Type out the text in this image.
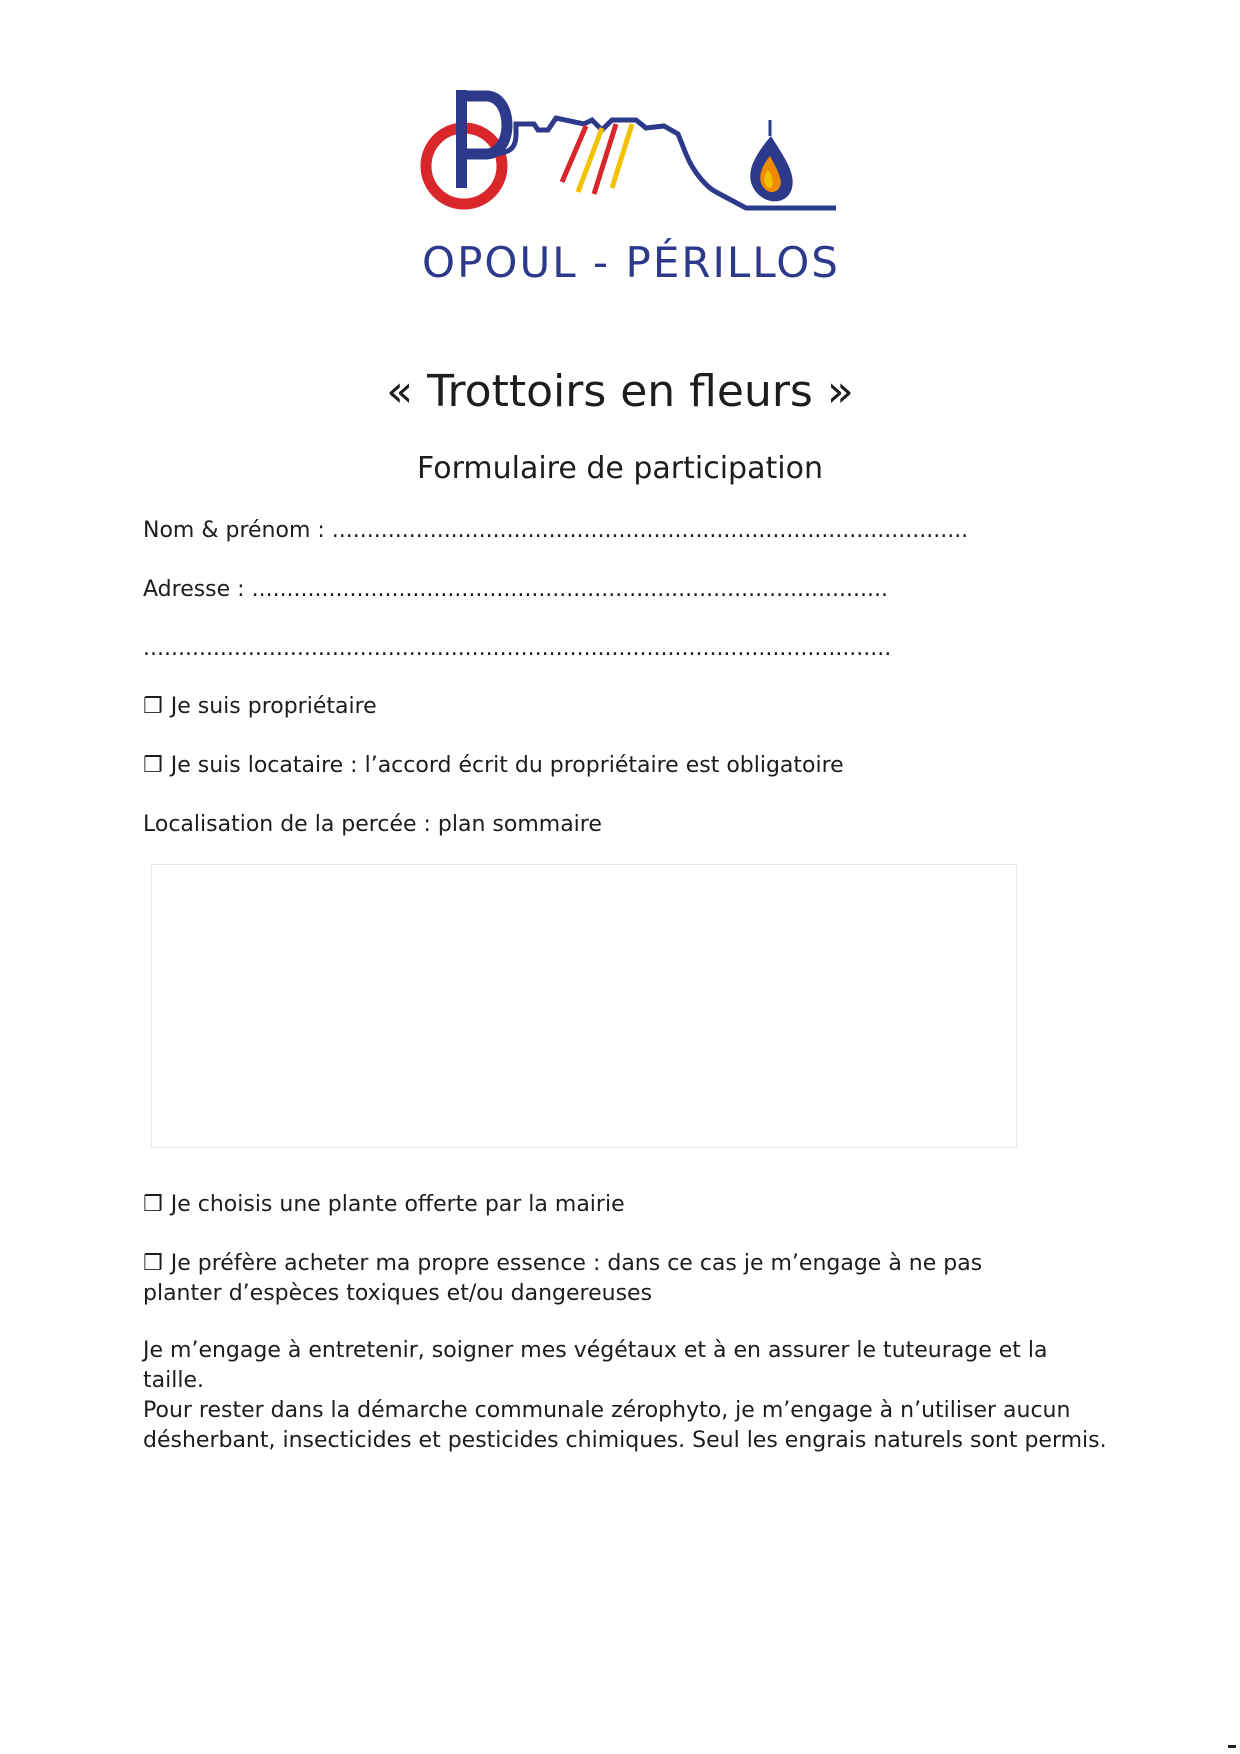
OPOUL - PÉRILLOS
« Trottoirs en fleurs »
Formulaire de participation
Nom & prénom : ...........................................................................................
Adresse : ...........................................................................................
...........................................................................................................
❒ Je suis propriétaire
❒ Je suis locataire : l’accord écrit du propriétaire est obligatoire
Localisation de la percée : plan sommaire
❒ Je choisis une plante offerte par la mairie
❒ Je préfère acheter ma propre essence : dans ce cas je m’engage à ne pas
planter d’espèces toxiques et/ou dangereuses
Je m’engage à entretenir, soigner mes végétaux et à en assurer le tuteurage et la taille.
Pour rester dans la démarche communale zérophyto, je m’engage à n’utiliser aucun désherbant, insecticides et pesticides chimiques. Seul les engrais naturels sont permis.
